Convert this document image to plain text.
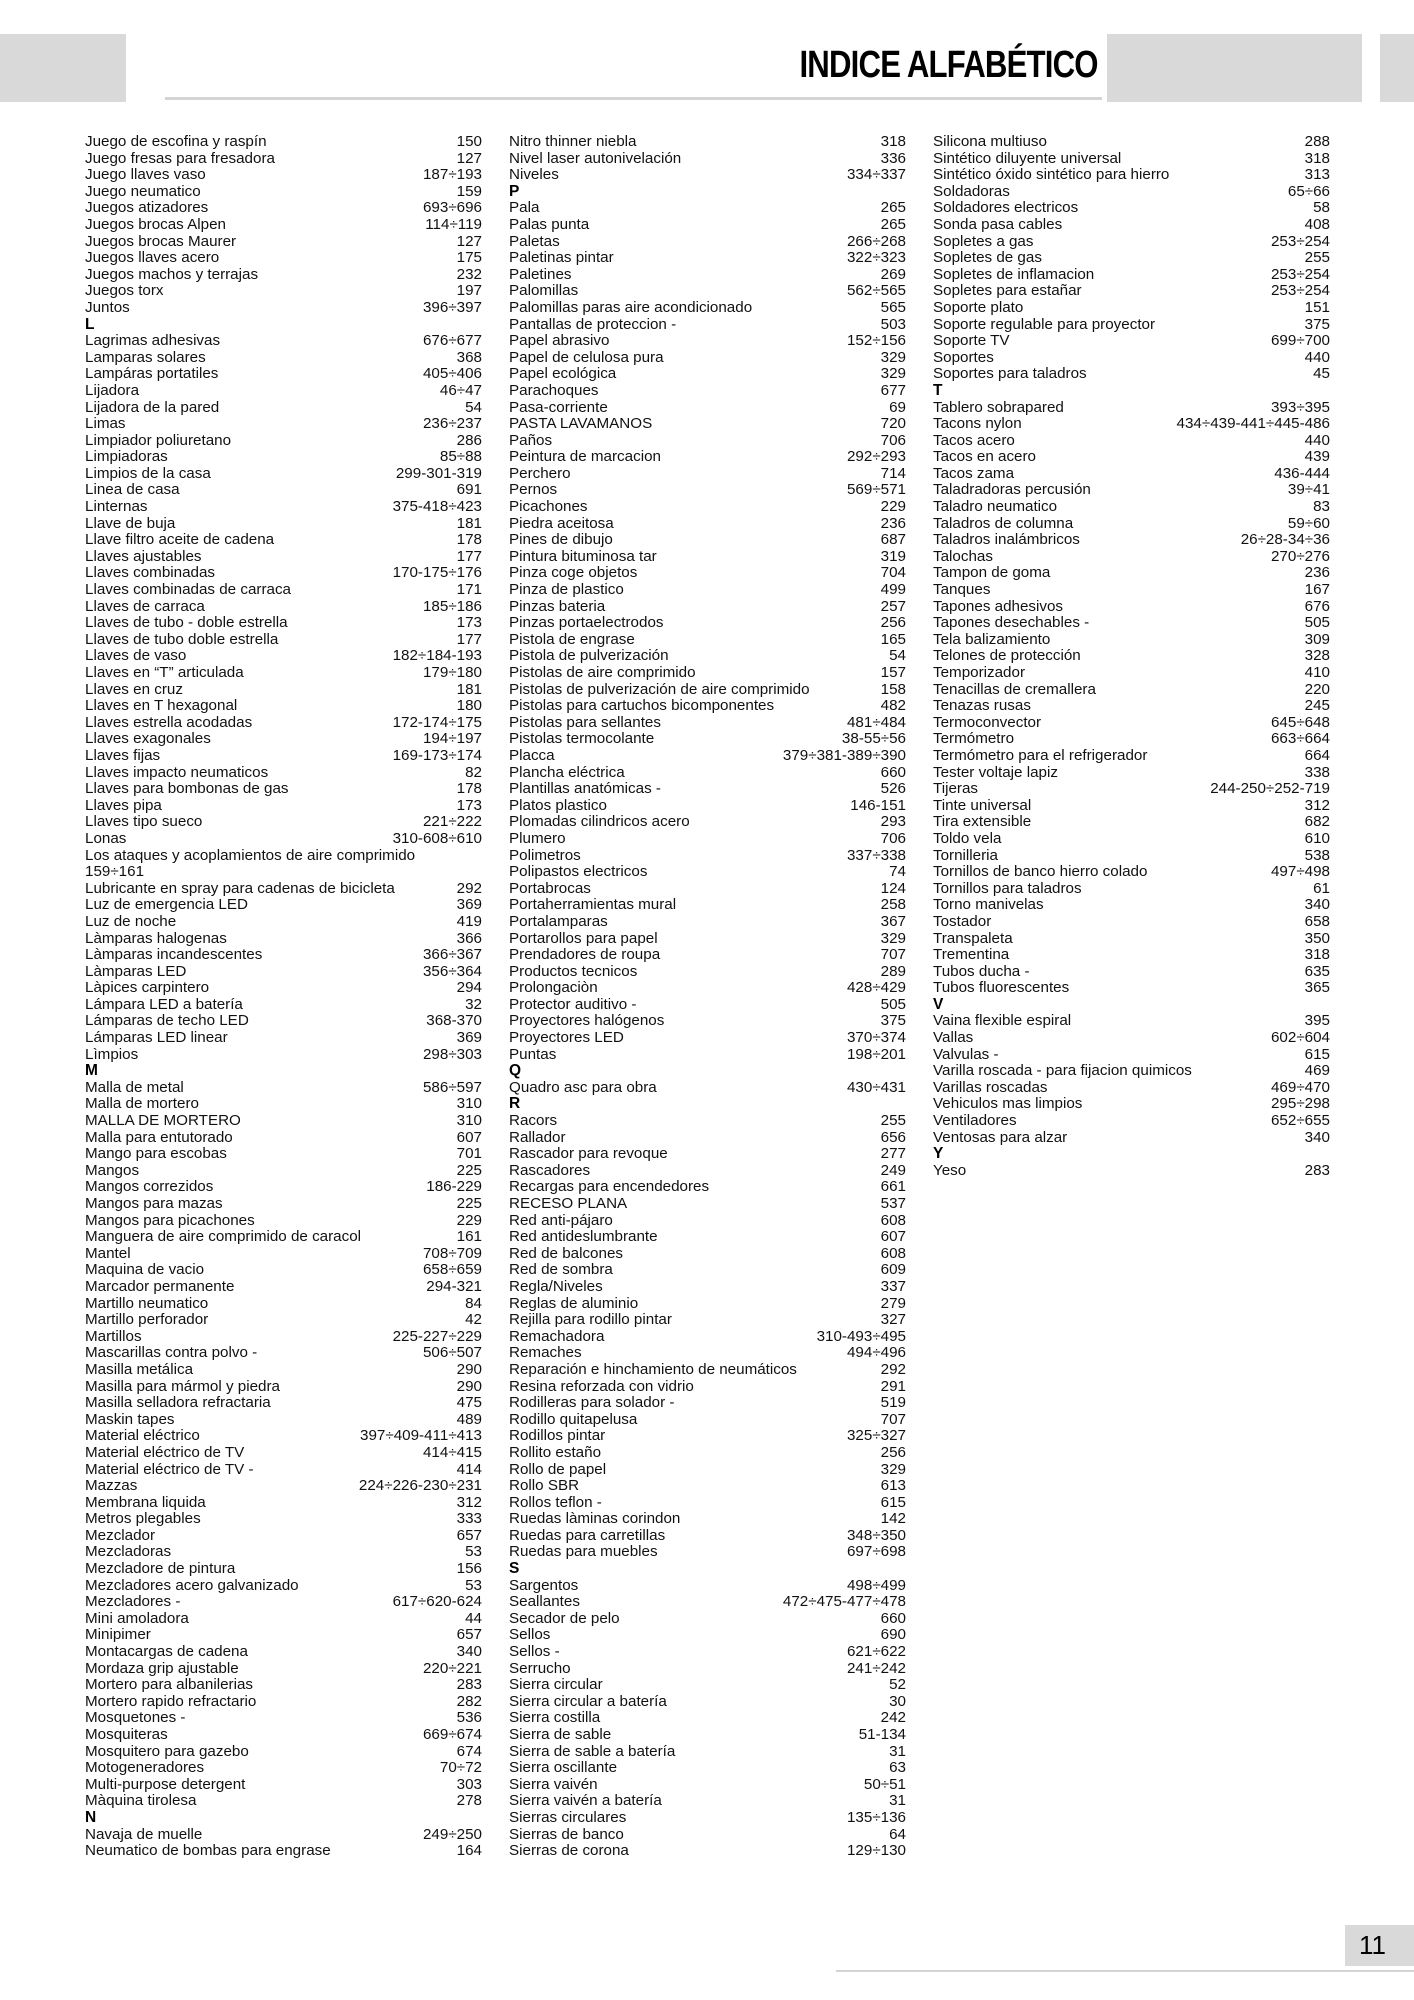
INDICE ALFABÉTICO
Juego de escofina y raspín	150
Juego fresas para fresadora	127
Juego llaves vaso	187÷193
Juego neumatico	159
Juegos atizadores	693÷696
Juegos brocas Alpen	114÷119
Juegos brocas Maurer	127
Juegos llaves acero	175
Juegos machos y terrajas	232
Juegos torx	197
Juntos	396÷397
L
Lagrimas adhesivas	676÷677
Lamparas solares	368
Lampáras portatiles	405÷406
Lijadora	46÷47
Lijadora de la pared	54
Limas	236÷237
Limpiador poliuretano	286
Limpiadoras	85÷88
Limpios de la casa	299-301-319
Linea de casa	691
Linternas	375-418÷423
Llave de buja	181
Llave filtro aceite de cadena	178
Llaves ajustables	177
Llaves combinadas	170-175÷176
Llaves combinadas de carraca	171
Llaves de carraca	185÷186
Llaves de tubo - doble estrella	173
Llaves de tubo doble estrella	177
Llaves de vaso	182÷184-193
Llaves en “T” articulada	179÷180
Llaves en cruz	181
Llaves en T hexagonal	180
Llaves estrella acodadas	172-174÷175
Llaves exagonales	194÷197
Llaves fijas	169-173÷174
Llaves impacto neumaticos	82
Llaves para bombonas de gas	178
Llaves pipa	173
Llaves tipo sueco	221÷222
Lonas	310-608÷610
Los ataques y acoplamientos de aire comprimido
159÷161
Lubricante en spray para cadenas de bicicleta	292
Luz de emergencia LED	369
Luz de noche	419
Làmparas halogenas	366
Làmparas incandescentes	366÷367
Làmparas LED	356÷364
Làpices carpintero	294
Lámpara LED a batería	32
Lámparas de techo LED	368-370
Lámparas LED linear	369
Lìmpios	298÷303
M
Malla de metal	586÷597
Malla de mortero	310
MALLA DE MORTERO	310
Malla para entutorado	607
Mango para escobas	701
Mangos	225
Mangos correzidos	186-229
Mangos para mazas	225
Mangos para picachones	229
Manguera de aire comprimido de caracol	161
Mantel	708÷709
Maquina de vacio	658÷659
Marcador permanente	294-321
Martillo neumatico	84
Martillo perforador	42
Martillos	225-227÷229
Mascarillas contra polvo -	506÷507
Masilla metálica	290
Masilla para mármol y piedra	290
Masilla selladora refractaria	475
Maskin tapes	489
Material eléctrico	397÷409-411÷413
Material eléctrico de TV	414÷415
Material eléctrico de TV -	414
Mazzas	224÷226-230÷231
Membrana liquida	312
Metros plegables	333
Mezclador	657
Mezcladoras	53
Mezcladore de pintura	156
Mezcladores acero galvanizado	53
Mezcladores -	617÷620-624
Mini amoladora	44
Minipimer	657
Montacargas de cadena	340
Mordaza grip ajustable	220÷221
Mortero para albanilerias	283
Mortero rapido refractario	282
Mosquetones -	536
Mosquiteras	669÷674
Mosquitero para gazebo	674
Motogeneradores	70÷72
Multi-purpose detergent	303
Màquina tirolesa	278
N
Navaja de muelle	249÷250
Neumatico de bombas para engrase	164
Nitro thinner niebla	318
Nivel laser autonivelación	336
Niveles	334÷337
P
Pala	265
Palas punta	265
Paletas	266÷268
Paletinas pintar	322÷323
Paletines	269
Palomillas	562÷565
Palomillas paras aire acondicionado	565
Pantallas de proteccion -	503
Papel abrasivo	152÷156
Papel de celulosa pura	329
Papel ecológica	329
Parachoques	677
Pasa-corriente	69
PASTA LAVAMANOS	720
Paños	706
Peintura de marcacion	292÷293
Perchero	714
Pernos	569÷571
Picachones	229
Piedra aceitosa	236
Pines de dibujo	687
Pintura bituminosa tar	319
Pinza coge objetos	704
Pinza de plastico	499
Pinzas bateria	257
Pinzas portaelectrodos	256
Pistola de engrase	165
Pistola de pulverización	54
Pistolas de aire comprimido	157
Pistolas de pulverización de aire comprimido	158
Pistolas para cartuchos bicomponentes	482
Pistolas para sellantes	481÷484
Pistolas termocolante	38-55÷56
Placca	379÷381-389÷390
Plancha eléctrica	660
Plantillas anatómicas -	526
Platos plastico	146-151
Plomadas cilindricos acero	293
Plumero	706
Polimetros	337÷338
Polipastos electricos	74
Portabrocas	124
Portaherramientas mural	258
Portalamparas	367
Portarollos para papel	329
Prendadores de roupa	707
Productos tecnicos	289
Prolongaciòn	428÷429
Protector auditivo -	505
Proyectores halógenos	375
Proyectores LED	370÷374
Puntas	198÷201
Q
Quadro asc para obra	430÷431
R
Racors	255
Rallador	656
Rascador para revoque	277
Rascadores	249
Recargas para encendedores	661
RECESO PLANA	537
Red anti-pájaro	608
Red antideslumbrante	607
Red de balcones	608
Red de sombra	609
Regla/Niveles	337
Reglas de aluminio	279
Rejilla para rodillo pintar	327
Remachadora	310-493÷495
Remaches	494÷496
Reparación e hinchamiento de neumáticos	292
Resina reforzada con vidrio	291
Rodilleras para solador -	519
Rodillo quitapelusa	707
Rodillos pintar	325÷327
Rollito estaño	256
Rollo de papel	329
Rollo SBR	613
Rollos teflon -	615
Ruedas làminas corindon	142
Ruedas para carretillas	348÷350
Ruedas para muebles	697÷698
S
Sargentos	498÷499
Seallantes	472÷475-477÷478
Secador de pelo	660
Sellos	690
Sellos -	621÷622
Serrucho	241÷242
Sierra circular	52
Sierra circular a batería	30
Sierra costilla	242
Sierra de sable	51-134
Sierra de sable a batería	31
Sierra oscillante	63
Sierra vaivén	50÷51
Sierra vaivén a batería	31
Sierras circulares	135÷136
Sierras de banco	64
Sierras de corona	129÷130
Silicona multiuso	288
Sintético diluyente universal	318
Sintético óxido sintético para hierro	313
Soldadoras	65÷66
Soldadores electricos	58
Sonda pasa cables	408
Sopletes a gas	253÷254
Sopletes de gas	255
Sopletes de inflamacion	253÷254
Sopletes para estañar	253÷254
Soporte plato	151
Soporte regulable para proyector	375
Soporte TV	699÷700
Soportes	440
Soportes para taladros	45
T
Tablero sobrapared	393÷395
Tacons nylon	434÷439-441÷445-486
Tacos acero	440
Tacos en acero	439
Tacos zama	436-444
Taladradoras percusión	39÷41
Taladro neumatico	83
Taladros de columna	59÷60
Taladros inalámbricos	26÷28-34÷36
Talochas	270÷276
Tampon de goma	236
Tanques	167
Tapones adhesivos	676
Tapones desechables -	505
Tela balizamiento	309
Telones de protección	328
Temporizador	410
Tenacillas de cremallera	220
Tenazas rusas	245
Termoconvector	645÷648
Termómetro	663÷664
Termómetro para el refrigerador	664
Tester voltaje lapiz	338
Tijeras	244-250÷252-719
Tinte universal	312
Tira extensible	682
Toldo vela	610
Tornilleria	538
Tornillos de banco hierro colado	497÷498
Tornillos para taladros	61
Torno manivelas	340
Tostador	658
Transpaleta	350
Trementina	318
Tubos ducha -	635
Tubos fluorescentes	365
V
Vaina flexible espiral	395
Vallas	602÷604
Valvulas -	615
Varilla roscada - para fijacion quimicos	469
Varillas roscadas	469÷470
Vehiculos mas limpios	295÷298
Ventiladores	652÷655
Ventosas para alzar	340
Y
Yeso	283
11
